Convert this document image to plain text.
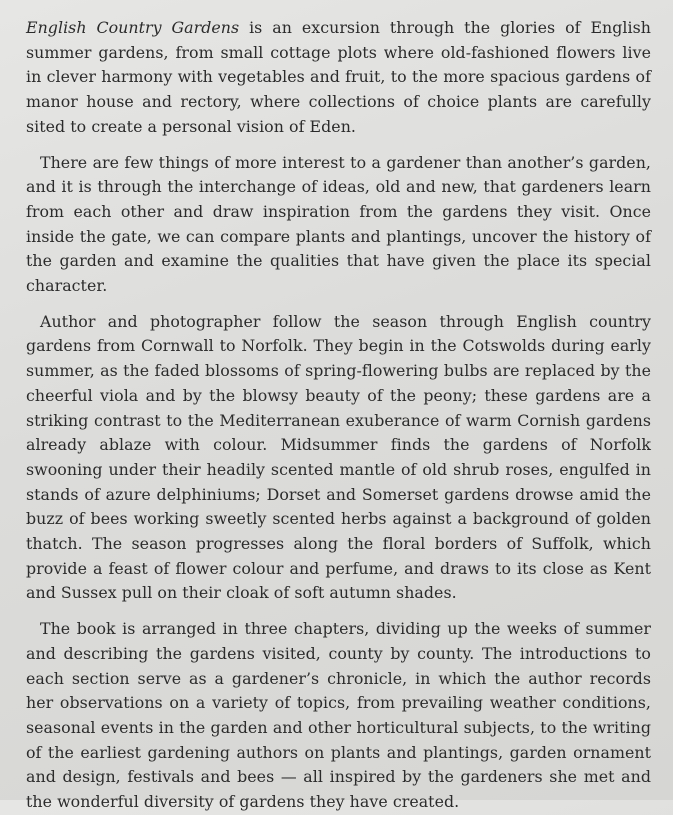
English Country Gardens is an excursion through the glories of English summer gardens, from small cottage plots where old-fashioned flowers live in clever harmony with vegetables and fruit, to the more spacious gardens of manor house and rectory, where collections of choice plants are carefully sited to create a personal vision of Eden.

There are few things of more interest to a gardener than another’s garden, and it is through the interchange of ideas, old and new, that gardeners learn from each other and draw inspiration from the gardens they visit. Once inside the gate, we can compare plants and plantings, uncover the history of the garden and examine the qualities that have given the place its special character.

Author and photographer follow the season through English country gardens from Cornwall to Norfolk. They begin in the Cotswolds during early summer, as the faded blossoms of spring-flowering bulbs are replaced by the cheerful viola and by the blowsy beauty of the peony; these gardens are a striking contrast to the Mediterranean exuberance of warm Cornish gardens already ablaze with colour. Midsummer finds the gardens of Norfolk swooning under their headily scented mantle of old shrub roses, engulfed in stands of azure delphiniums; Dorset and Somerset gardens drowse amid the buzz of bees working sweetly scented herbs against a background of golden thatch. The season progresses along the floral borders of Suffolk, which provide a feast of flower colour and perfume, and draws to its close as Kent and Sussex pull on their cloak of soft autumn shades.

The book is arranged in three chapters, dividing up the weeks of summer and describing the gardens visited, county by county. The introductions to each section serve as a gardener’s chronicle, in which the author records her observations on a variety of topics, from prevailing weather conditions, seasonal events in the garden and other horticultural subjects, to the writing of the earliest gardening authors on plants and plantings, garden ornament and design, festivals and bees — all inspired by the gardeners she met and the wonderful diversity of gardens they have created.
